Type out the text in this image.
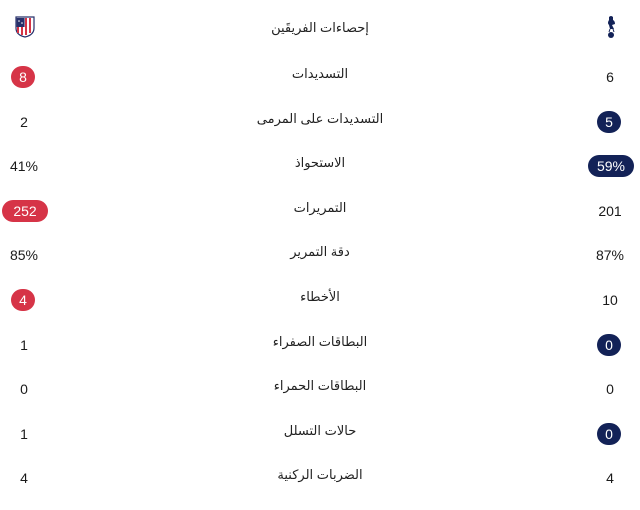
إحصاءات الفريقَين
6
التسديدات
8
5
التسديدات على المرمى
2
59%
الاستحواذ
41%
201
التمريرات
252
87%
دقة التمرير
85%
10
الأخطاء
4
0
البطاقات الصفراء
1
0
البطاقات الحمراء
0
0
حالات التسلل
1
4
الضربات الركنية
4
